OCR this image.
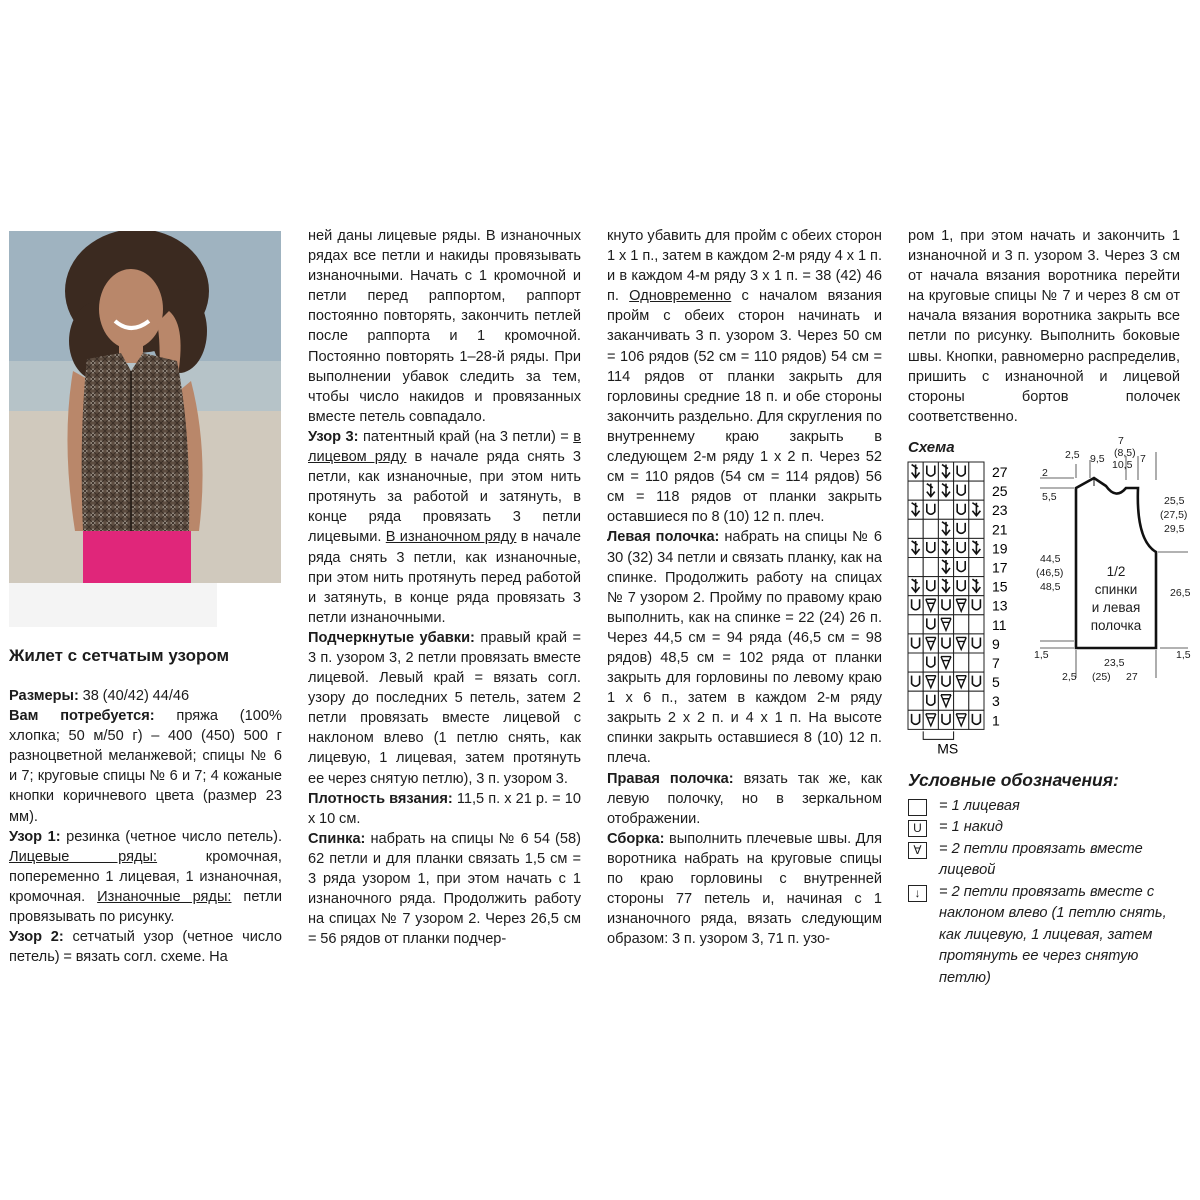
Жилет с сетчатым узором

Размеры: 38 (40/42) 44/46

Вам потребуется: пряжа (100% хлопка; 50 м/50 г) – 400 (450) 500 г разноцветной меланжевой; спицы № 6 и 7; круговые спицы № 6 и 7; 4 кожаные кнопки коричневого цвета (размер 23 мм).

Узор 1: резинка (четное число петель). Лицевые ряды: кромочная, попеременно 1 лицевая, 1 изнаночная, кромочная. Изнаночные ряды: петли провязывать по рисунку.

Узор 2: сетчатый узор (четное число петель) = вязать согл. схеме. На

ней даны лицевые ряды. В изнаночных рядах все петли и накиды провязывать изнаночными. Начать с 1 кромочной и петли перед раппортом, раппорт постоянно повторять, закончить петлей после раппорта и 1 кромочной. Постоянно повторять 1–28-й ряды. При выполнении убавок следить за тем, чтобы число накидов и провязанных вместе петель совпадало.

Узор 3: патентный край (на 3 петли) = в лицевом ряду в начале ряда снять 3 петли, как изнаночные, при этом нить протянуть за работой и затянуть, в конце ряда провязать 3 петли лицевыми. В изнаночном ряду в начале ряда снять 3 петли, как изнаночные, при этом нить протянуть перед работой и затянуть, в конце ряда провязать 3 петли изнаночными.

Подчеркнутые убавки: правый край = 3 п. узором 3, 2 петли провязать вместе лицевой. Левый край = вязать согл. узору до последних 5 петель, затем 2 петли провязать вместе лицевой с наклоном влево (1 петлю снять, как лицевую, 1 лицевая, затем протянуть ее через снятую петлю), 3 п. узором 3.

Плотность вязания: 11,5 п. х 21 р. = 10 х 10 см.

Спинка: набрать на спицы № 6 54 (58) 62 петли и для планки связать 1,5 см = 3 ряда узором 1, при этом начать с 1 изнаночного ряда. Продолжить работу на спицах № 7 узором 2. Через 26,5 см = 56 рядов от планки подчер-

кнуто убавить для пройм с обеих сторон 1 х 1 п., затем в каждом 2-м ряду 4 х 1 п. и в каждом 4-м ряду 3 х 1 п. = 38 (42) 46 п. Одновременно с началом вязания пройм с обеих сторон начинать и заканчивать 3 п. узором 3. Через 50 см = 106 рядов (52 см = 110 рядов) 54 см = 114 рядов от планки закрыть для горловины средние 18 п. и обе стороны закончить раздельно. Для скругления по внутреннему краю закрыть в следующем 2-м ряду 1 х 2 п. Через 52 см = 110 рядов (54 см = 114 рядов) 56 см = 118 рядов от планки закрыть оставшиеся по 8 (10) 12 п. плеч.

Левая полочка: набрать на спицы № 6 30 (32) 34 петли и связать планку, как на спинке. Продолжить работу на спицах № 7 узором 2. Пройму по правому краю выполнить, как на спинке = 22 (24) 26 п. Через 44,5 см = 94 ряда (46,5 см = 98 рядов) 48,5 см = 102 ряда от планки закрыть для горловины по левому краю 1 х 6 п., затем в каждом 2-м ряду закрыть 2 х 2 п. и 4 х 1 п. На высоте спинки закрыть оставшиеся 8 (10) 12 п. плеча.

Правая полочка: вязать так же, как левую полочку, но в зеркальном отображении.

Сборка: выполнить плечевые швы. Для воротника набрать на круговые спицы по краю горловины с внутренней стороны 77 петель и, начиная с 1 изнаночного ряда, вязать следующим образом: 3 п. узором 3, 71 п. узо-

ром 1, при этом начать и закончить 1 изнаночной и 3 п. узором 3. Через 3 см от начала вязания воротника перейти на круговые спицы № 7 и через 8 см от начала вязания воротника закрыть все петли по рисунку. Выполнить боковые швы. Кнопки, равномерно распределив, пришить с изнаночной и лицевой стороны бортов полочек соответственно.

Схема
27
25
23
21
19
17
15
13
11
9
7
5
3
1
MS
2,5 9,5
7
(8,5)
10,5 7
2
5,5	25,5
(27,5)
29,5
44,5
(46,5)
48,5	26,5
1,5
2,5
1,5
23,5
(25) 27
1/2
спинки
и левая
полочка
Условные обозначения:
= 1 лицевая
U	= 1 накид
∀	= 2 петли провязать вместе лицевой
↓	= 2 петли провязать вместе с наклоном влево (1 петлю снять, как лицевую, 1 лицевая, затем протянуть ее через снятую петлю)
